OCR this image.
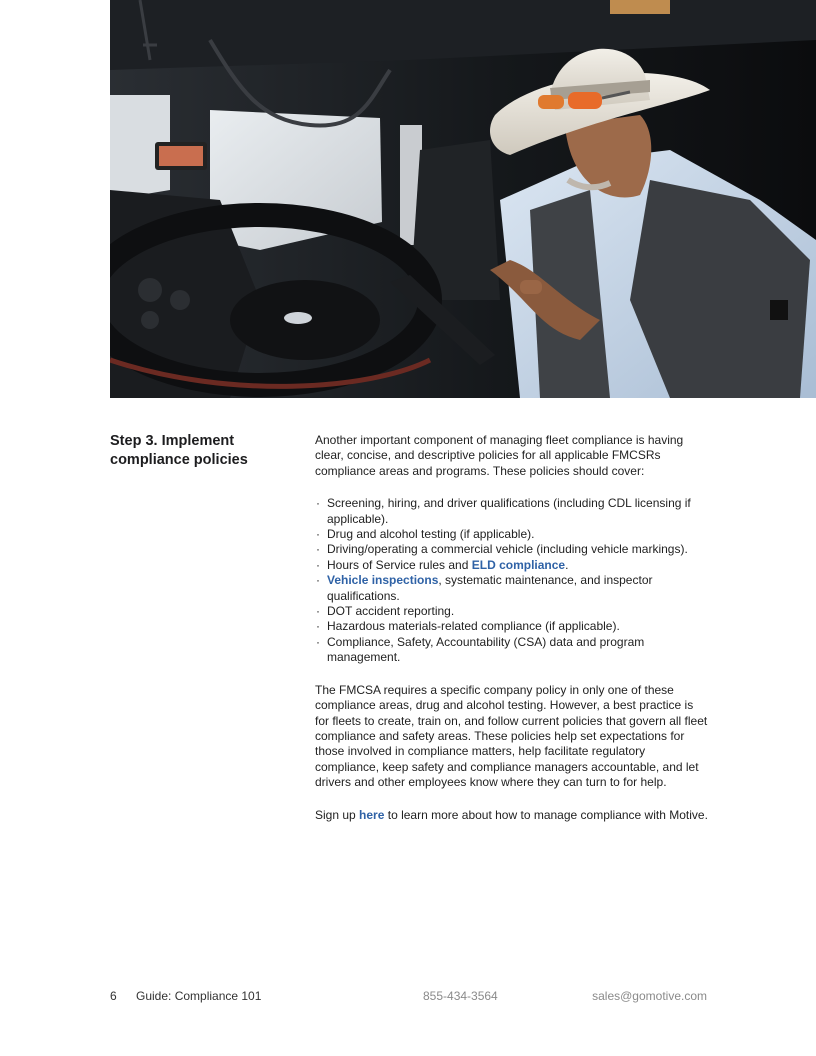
Step 3. Implement compliance policies

Another important component of managing fleet compliance is having clear, concise, and descriptive policies for all applicable FMCSRs compliance areas and programs. These policies should cover:

· Screening, hiring, and driver qualifications (including CDL licensing if applicable).
· Drug and alcohol testing (if applicable).
· Driving/operating a commercial vehicle (including vehicle markings).
· Hours of Service rules and ELD compliance.
· Vehicle inspections, systematic maintenance, and inspector qualifications.
· DOT accident reporting.
· Hazardous materials-related compliance (if applicable).
· Compliance, Safety, Accountability (CSA) data and program management.

The FMCSA requires a specific company policy in only one of these compliance areas, drug and alcohol testing. However, a best practice is for fleets to create, train on, and follow current policies that govern all fleet compliance and safety areas. These policies help set expectations for those involved in compliance matters, help facilitate regulatory compliance, keep safety and compliance managers accountable, and let drivers and other employees know where they can turn to for help.

Sign up here to learn more about how to manage compliance with Motive.

6 Guide: Compliance 101	855-434-3564	sales@gomotive.com
